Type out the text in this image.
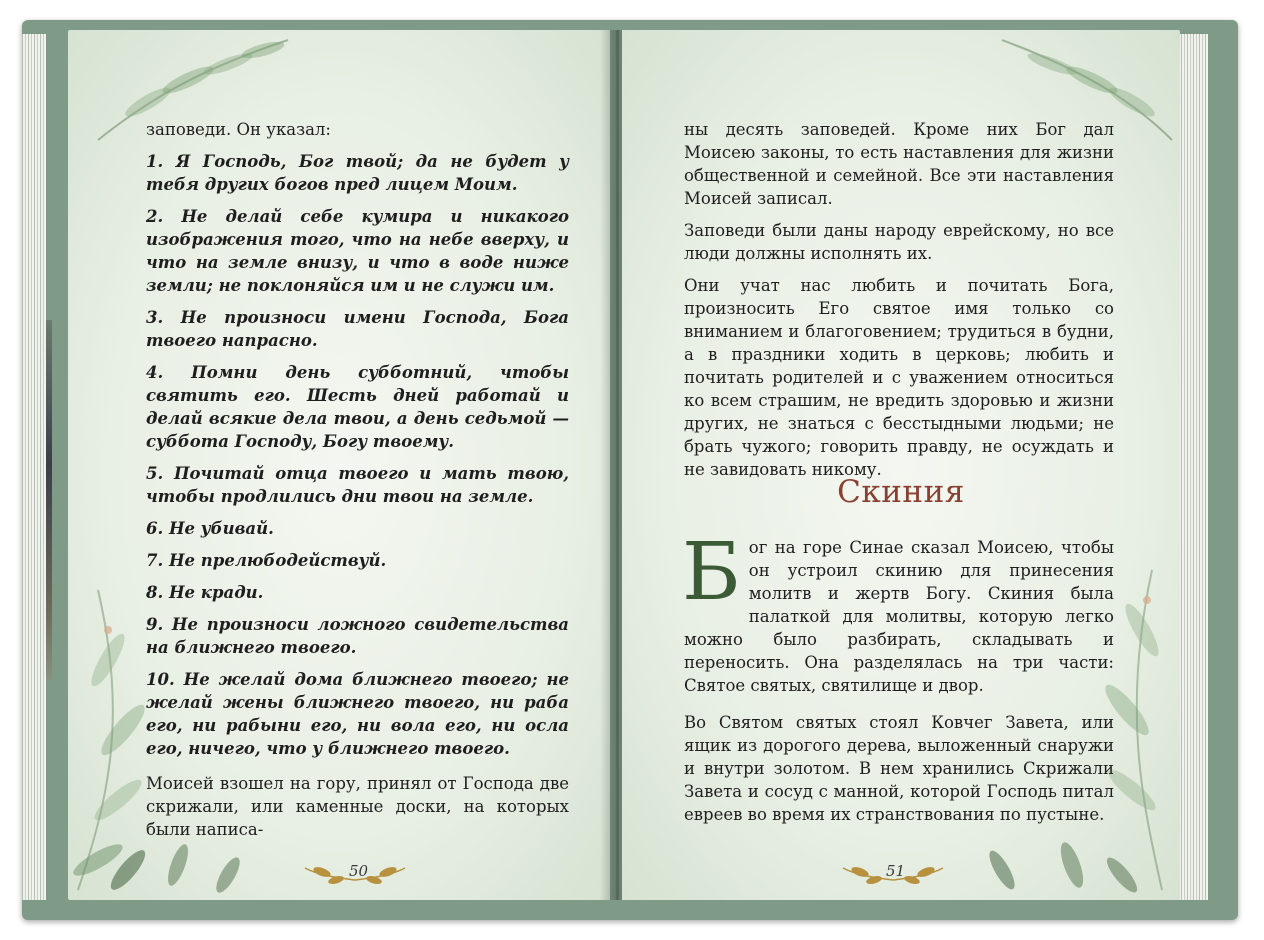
заповеди. Он указал:

1. Я Господь, Бог твой; да не будет у тебя других богов пред лицем Моим.

2. Не делай себе кумира и никакого изображения того, что на небе вверху, и что на земле внизу, и что в воде ниже земли; не поклоняйся им и не служи им.

3. Не произноси имени Господа, Бога твоего напрасно.

4. Помни день субботний, чтобы святить его. Шесть дней работай и делай всякие дела твои, а день седьмой — суббота Господу, Богу твоему.

5. Почитай отца твоего и мать твою, чтобы продлились дни твои на земле.

6. Не убивай.

7. Не прелюбодействуй.

8. Не кради.

9. Не произноси ложного свидетельства на ближнего твоего.

10. Не желай дома ближнего твоего; не желай жены ближнего твоего, ни раба его, ни рабыни его, ни вола его, ни осла его, ничего, что у ближнего твоего.

Моисей взошел на гору, принял от Господа две скрижали, или каменные доски, на которых были написа-

50

ны десять заповедей. Кроме них Бог дал Моисею законы, то есть наставления для жизни общественной и семейной. Все эти наставления Моисей записал.

Заповеди были даны народу еврейскому, но все люди должны исполнять их.

Они учат нас любить и почитать Бога, произносить Его святое имя только со вниманием и благоговением; трудиться в будни, а в праздники ходить в церковь; любить и почитать родителей и с уважением относиться ко всем страшим, не вредить здоровью и жизни других, не знаться с бесстыдными людьми; не брать чужого; говорить правду, не осуждать и не завидовать никому.

Скиния

Бог на горе Синае сказал Моисею, чтобы он устроил скинию для принесения молитв и жертв Богу. Скиния была палаткой для молитвы, которую легко можно было разбирать, складывать и переносить. Она разделялась на три части: Святое святых, святилище и двор.

Во Святом святых стоял Ковчег Завета, или ящик из дорогого дерева, выложенный снаружи и внутри золотом. В нем хранились Скрижали Завета и сосуд с манной, которой Господь питал евреев во время их странствования по пустыне.

51
